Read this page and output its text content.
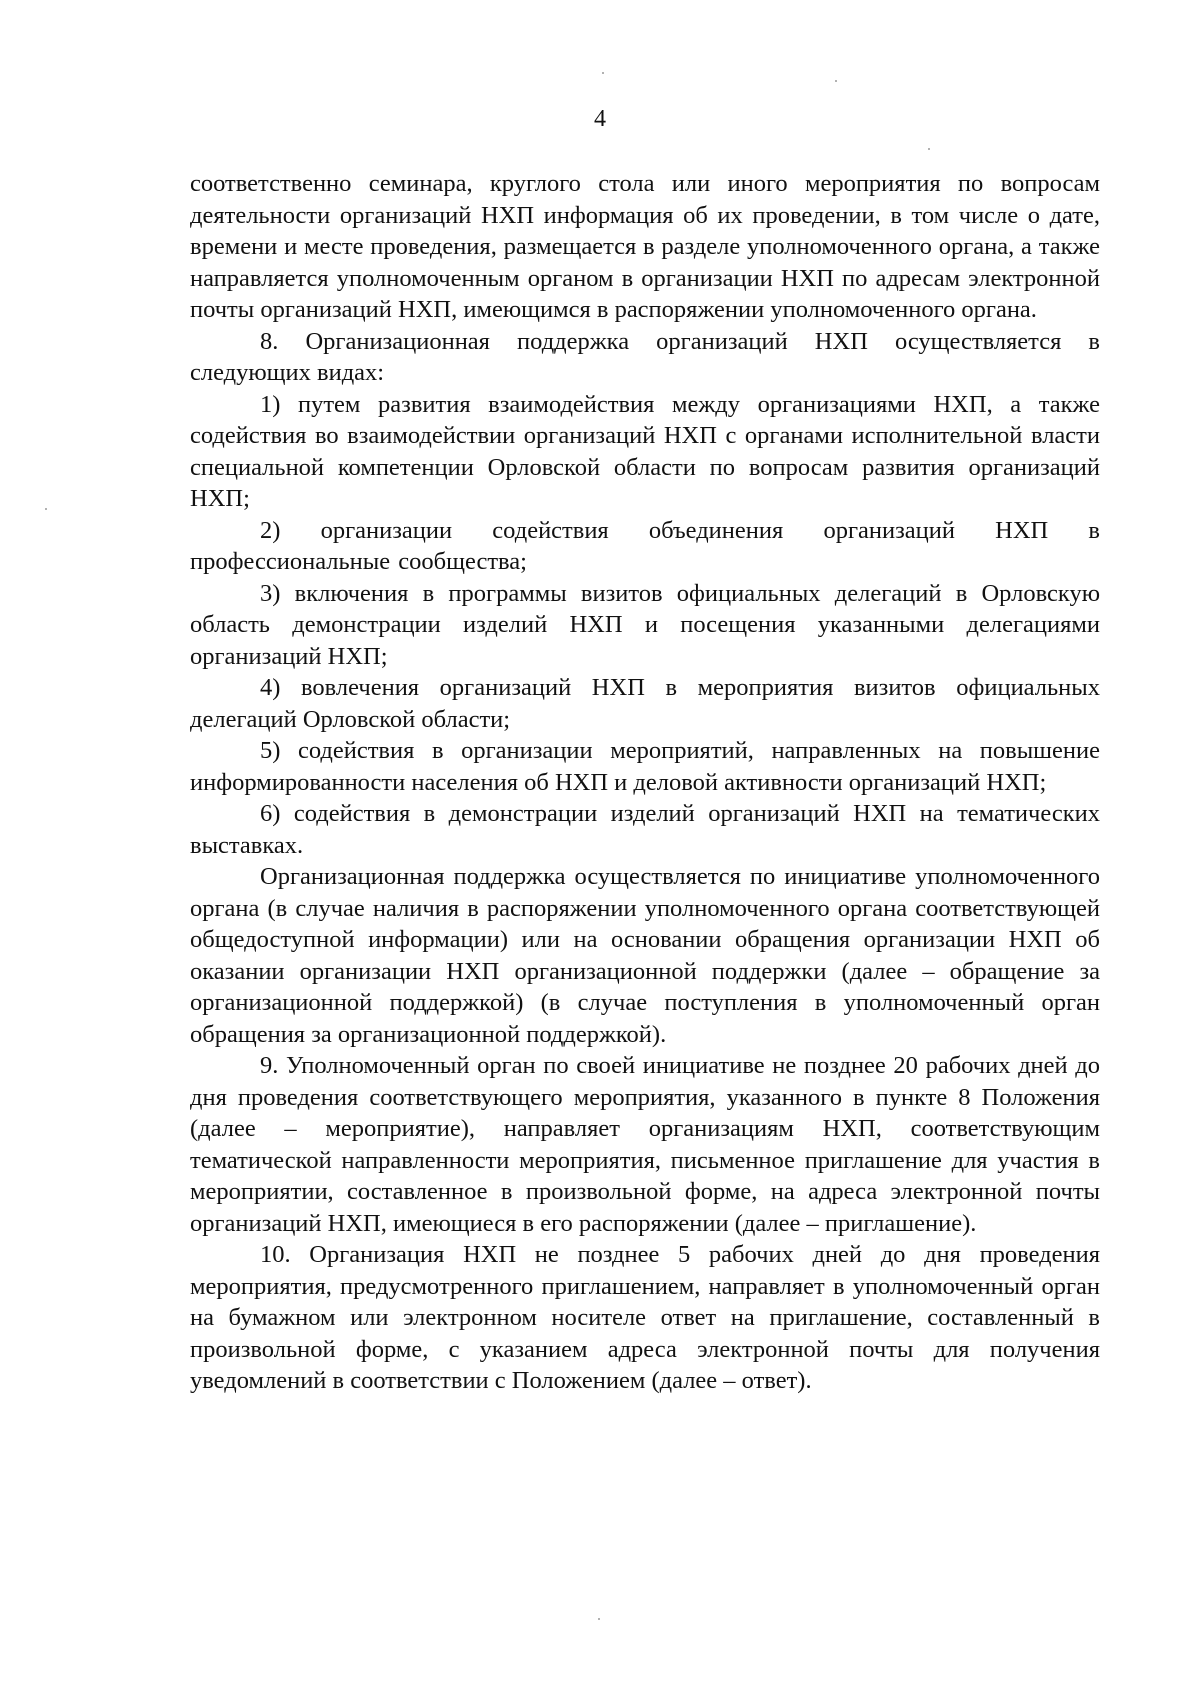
4

соответственно семинара, круглого стола или иного мероприятия по вопросам деятельности организаций НХП информация об их проведении, в том числе о дате, времени и месте проведения, размещается в разделе уполномоченного органа, а также направляется уполномоченным органом в организации НХП по адресам электронной почты организаций НХП, имеющимся в распоряжении уполномоченного органа.

8. Организационная поддержка организаций НХП осуществляется в следующих видах:

1) путем развития взаимодействия между организациями НХП, а также содействия во взаимодействии организаций НХП с органами исполнительной власти специальной компетенции Орловской области по вопросам развития организаций НХП;

2) организации содействия объединения организаций НХП в профессиональные сообщества;

3) включения в программы визитов официальных делегаций в Орловскую область демонстрации изделий НХП и посещения указанными делегациями организаций НХП;

4) вовлечения организаций НХП в мероприятия визитов официальных делегаций Орловской области;

5) содействия в организации мероприятий, направленных на повышение информированности населения об НХП и деловой активности организаций НХП;

6) содействия в демонстрации изделий организаций НХП на тематических выставках.

Организационная поддержка осуществляется по инициативе уполномоченного органа (в случае наличия в распоряжении уполномоченного органа соответствующей общедоступной информации) или на основании обращения организации НХП об оказании организации НХП организационной поддержки (далее – обращение за организационной поддержкой) (в случае поступления в уполномоченный орган обращения за организационной поддержкой).

9. Уполномоченный орган по своей инициативе не позднее 20 рабочих дней до дня проведения соответствующего мероприятия, указанного в пункте 8 Положения (далее – мероприятие), направляет организациям НХП, соответствующим тематической направленности мероприятия, письменное приглашение для участия в мероприятии, составленное в произвольной форме, на адреса электронной почты организаций НХП, имеющиеся в его распоряжении (далее – приглашение).

10. Организация НХП не позднее 5 рабочих дней до дня проведения мероприятия, предусмотренного приглашением, направляет в уполномоченный орган на бумажном или электронном носителе ответ на приглашение, составленный в произвольной форме, с указанием адреса электронной почты для получения уведомлений в соответствии с Положением (далее – ответ).
